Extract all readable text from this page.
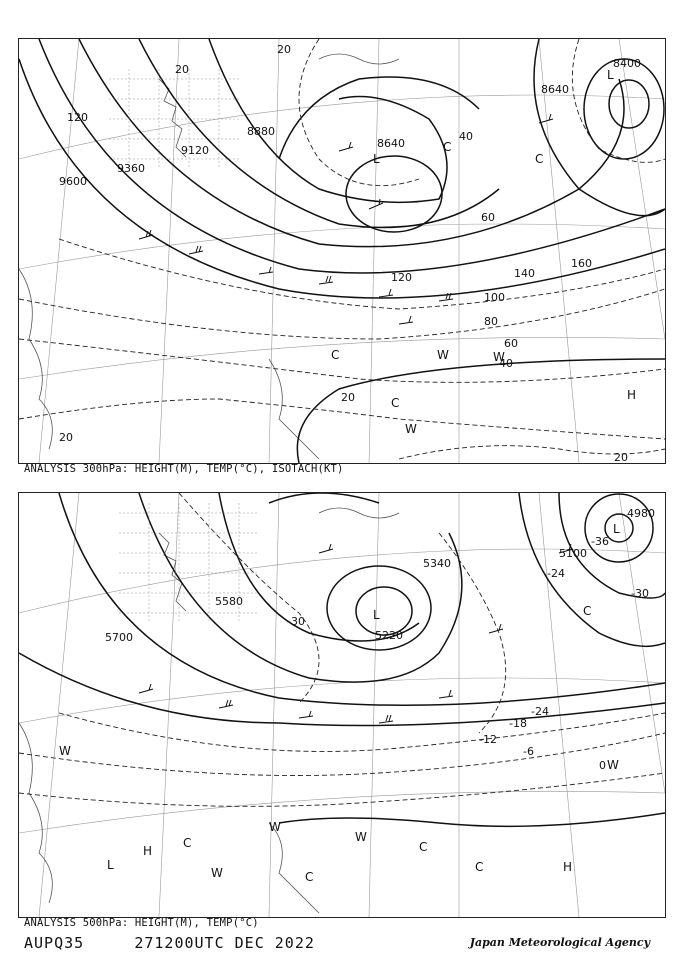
9600
9360
9120
8880
8640
8640
8400
120
20
20
40
60
80
100
120	140
160
60
40
20
20
20
L
L
H
W	W
W
C
C
C
C
ANALYSIS 300hPa: HEIGHT(M), TEMP(°C), ISOTACH(KT)
5700
5580
5340
5220
5100
4980
-30
-24
-18
-12
-6
0
-24
-36
-30
L
L
L
H
H
W
W
W
W
W
C
C
C
C
C
ANALYSIS 500hPa: HEIGHT(M), TEMP(°C)
AUPQ35	271200UTC DEC 2022	Japan Meteorological Agency
